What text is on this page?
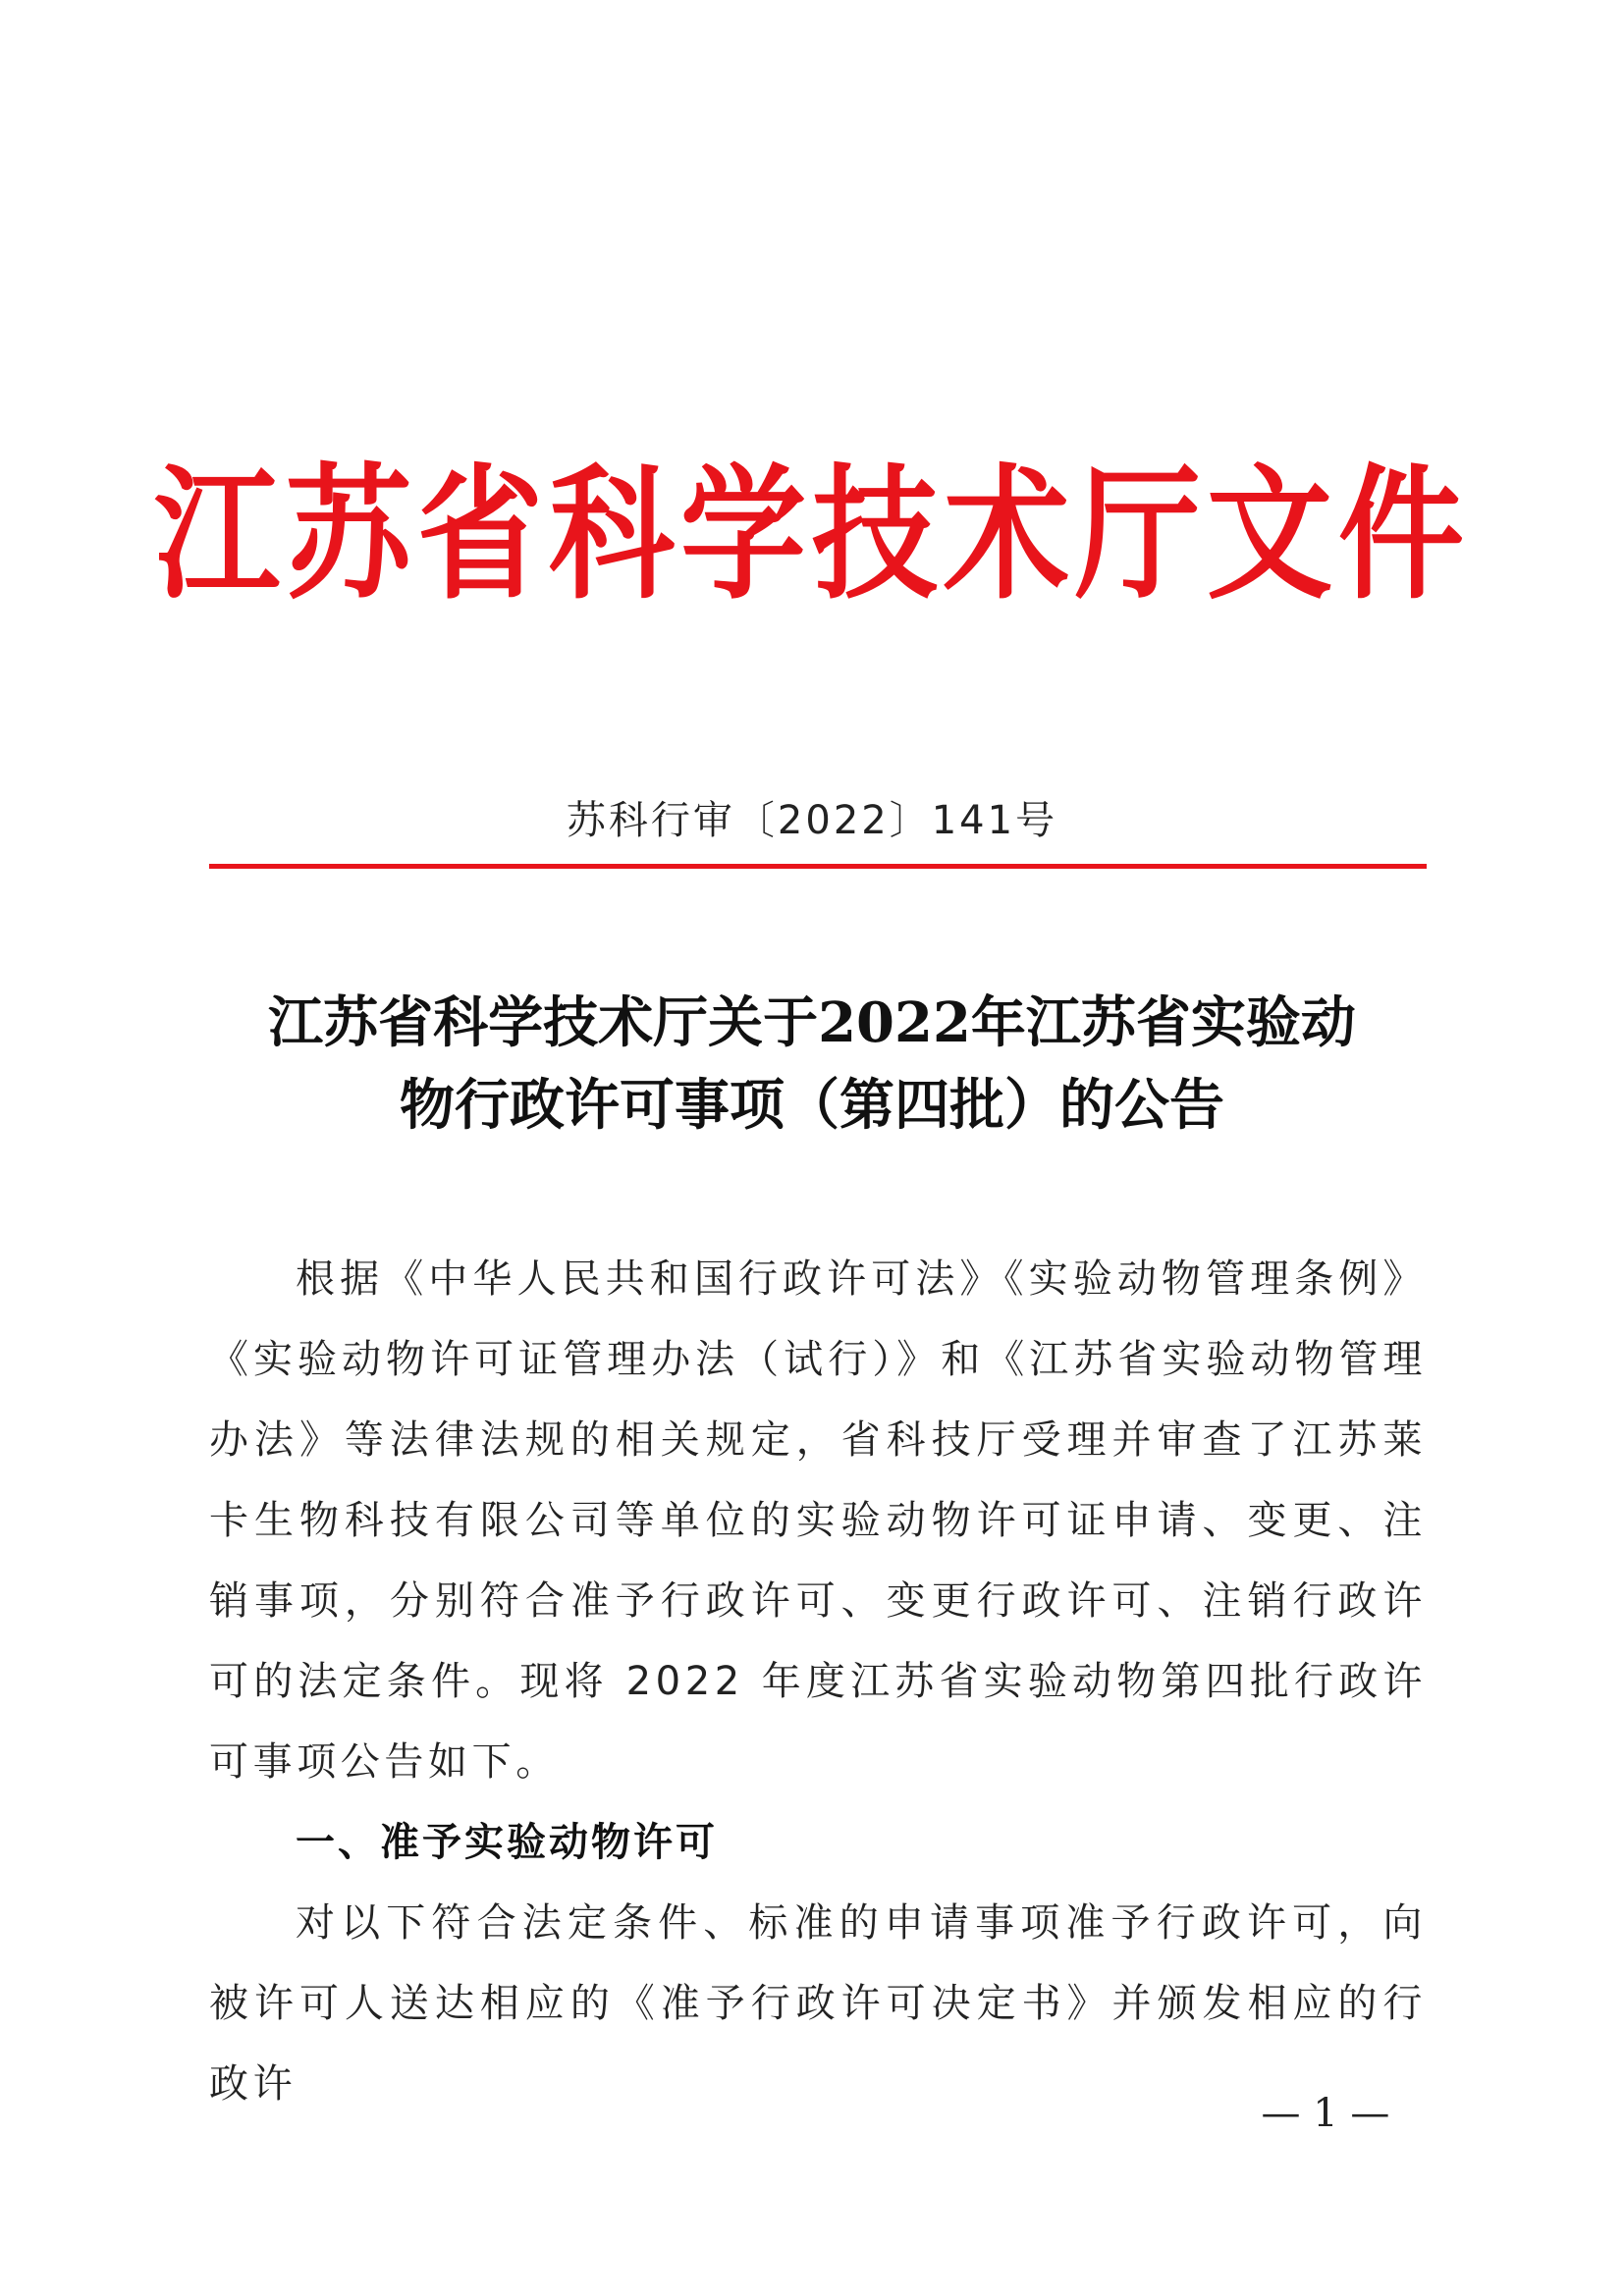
江苏省科学技术厅文件
苏科行审〔2022〕141号
江苏省科学技术厅关于2022年江苏省实验动
物行政许可事项（第四批）的公告

根据《中华人民共和国行政许可法》《实验动物管理条例》《实验动物许可证管理办法（试行）》和《江苏省实验动物管理办法》等法律法规的相关规定，省科技厅受理并审查了江苏莱卡生物科技有限公司等单位的实验动物许可证申请、变更、注销事项，分别符合准予行政许可、变更行政许可、注销行政许可的法定条件。现将 2022 年度江苏省实验动物第四批行政许可事项公告如下。

一、准予实验动物许可

对以下符合法定条件、标准的申请事项准予行政许可，向被许可人送达相应的《准予行政许可决定书》并颁发相应的行政许

— 1 —
